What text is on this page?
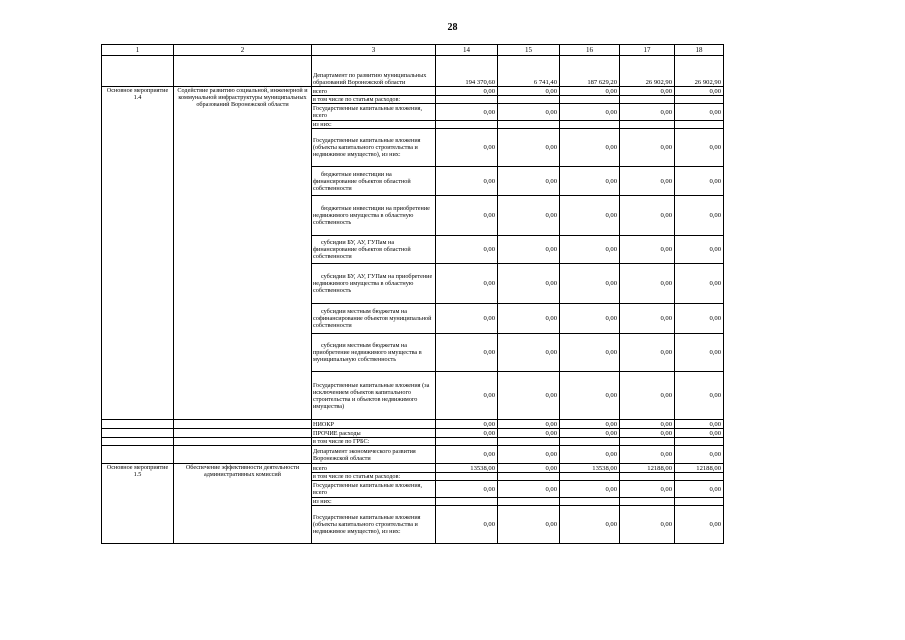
28
1	2	3	14	15	16	17	18
		Департамент по развитию муниципальных образований Воронежской области	194 370,60	6 741,40	187 629,20	26 902,90	26 902,90
Основное мероприятие 1.4	Содействие развитию социальной, инженерной и коммунальной инфраструктуры муниципальных образований Воронежской области	всего	0,00	0,00	0,00	0,00	0,00
		в том числе по статьям расходов:					
		Государственные капитальные вложения, всего	0,00	0,00	0,00	0,00	0,00
		из них:					
		Государственные капитальные вложения (объекты капитального строительства и недвижимое имущество), из них:	0,00	0,00	0,00	0,00	0,00
		бюджетные инвестиции на финансирование объектов областной собственности	0,00	0,00	0,00	0,00	0,00
		бюджетные инвестиции на приобретение недвижимого имущества в областную собственность	0,00	0,00	0,00	0,00	0,00
		субсидии БУ, АУ, ГУПам на финансирование объектов областной собственности	0,00	0,00	0,00	0,00	0,00
		субсидии БУ, АУ, ГУПам на приобретение недвижимого имущества в областную собственность	0,00	0,00	0,00	0,00	0,00
		субсидии местным бюджетам на софинансирование объектов муниципальной собственности	0,00	0,00	0,00	0,00	0,00
		субсидии местным бюджетам на приобретение недвижимого имущества в муниципальную собственность	0,00	0,00	0,00	0,00	0,00
		Государственные капитальные вложения (за исключением объектов капитального строительства и объектов недвижимого имущества)	0,00	0,00	0,00	0,00	0,00
		НИОКР	0,00	0,00	0,00	0,00	0,00
		ПРОЧИЕ расходы	0,00	0,00	0,00	0,00	0,00
		в том числе по ГРБС:					
		Департамент экономического развития Воронежской области	0,00	0,00	0,00	0,00	0,00
Основное мероприятие 1.5	Обеспечение эффективности деятельности административных комиссий	всего	13538,00	0,00	13538,00	12188,00	12188,00
		в том числе по статьям расходов:					
		Государственные капитальные вложения, всего	0,00	0,00	0,00	0,00	0,00
		из них:					
		Государственные капитальные вложения (объекты капитального строительства и недвижимое имущество), из них:	0,00	0,00	0,00	0,00	0,00
